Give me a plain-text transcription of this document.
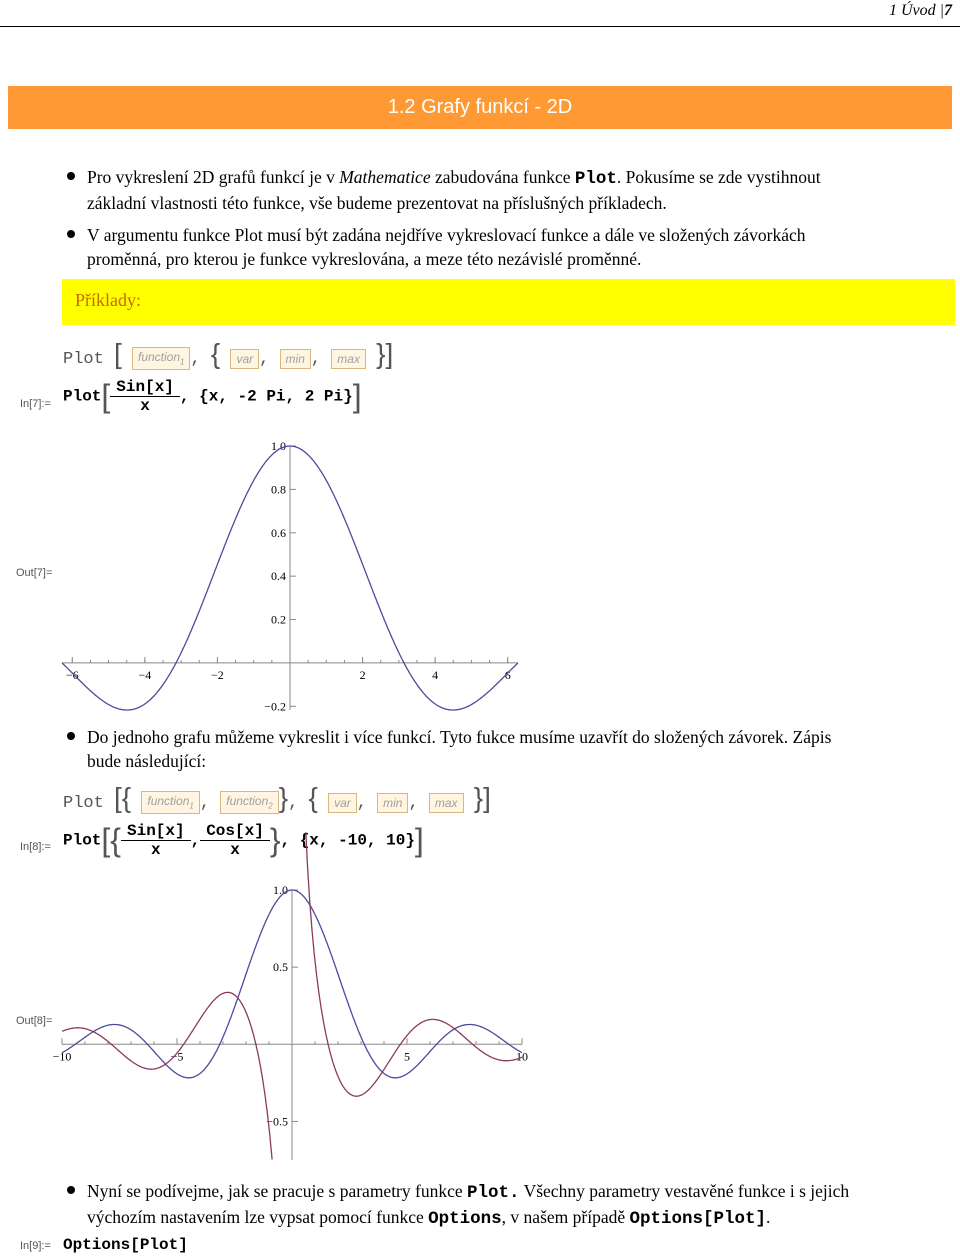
1 Úvod |7
1.2 Grafy funkcí - 2D
Pro vykreslení 2D grafů funkcí je v Mathematice zabudována funkce Plot. Pokusíme se zde vystihnout
základní vlastnosti této funkce, vše budeme prezentovat na příslušných příkladech.
V argumentu funkce Plot musí být zadána nejdříve vykreslovací funkce a dále ve složených závorkách
proměnná, pro kterou je funkce vykreslována, a meze této nezávislé proměnné.
Příklady:
Plot [ function$_1$ , { var , min , max }]
In[7]:= Plot[ $\frac{\text{Sin[x]}}{x}$ , {x, -2 Pi, 2 Pi}]
Out[7]=
−6	−4	−2	2	4	6
1.0
0.8
0.6
0.4
0.2
−0.2
Do jednoho grafu můžeme vykreslit i více funkcí. Tyto fukce musíme uzavřít do složených závorek. Zápis
bude následující:
Plot [{ function$_1$ , function$_2$ }, { var , min , max }]
In[8]:= Plot[{ $\frac{\text{Sin[x]}}{x}$ , $\frac{\text{Cos[x]}}{x}$ }, {x, -10, 10}]
Out[8]=
−10	−5	5	10
1.0
0.5
−0.5
Nyní se podívejme, jak se pracuje s parametry funkce Plot. Všechny parametry vestavěné funkce i s jejich
výchozím nastavením lze vypsat pomocí funkce Options, v našem případě Options[Plot].
In[9]:= Options[Plot]
